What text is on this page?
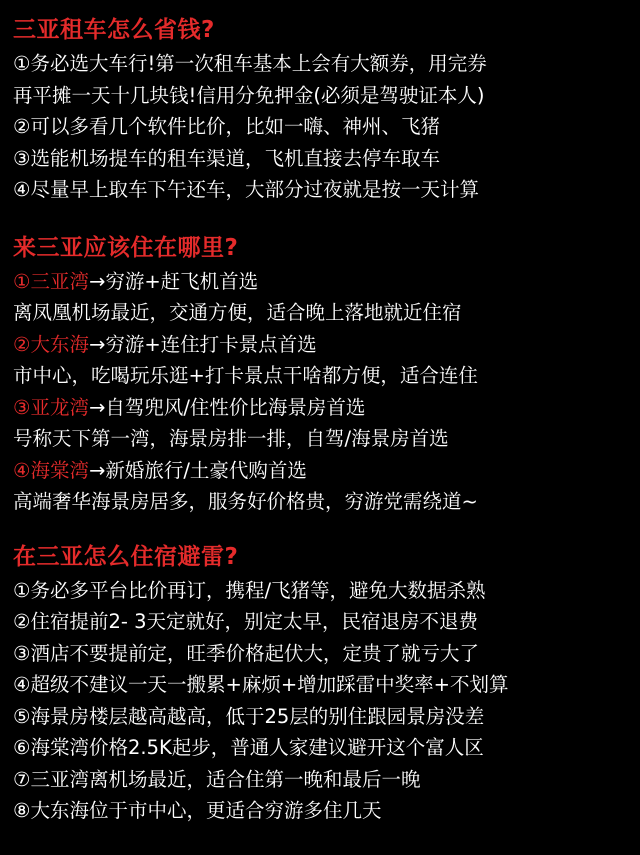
三亚租车怎么省钱?
①务必选大车行!第一次租车基本上会有大额券，用完券
再平摊一天十几块钱!信用分免押金(必须是驾驶证本人)
②可以多看几个软件比价，比如一嗨、神州、飞猪
③选能机场提车的租车渠道，飞机直接去停车取车
④尽量早上取车下午还车，大部分过夜就是按一天计算
来三亚应该住在哪里?
①三亚湾→穷游+赶飞机首选
离凤凰机场最近，交通方便，适合晚上落地就近住宿
②大东海→穷游+连住打卡景点首选
市中心，吃喝玩乐逛+打卡景点干啥都方便，适合连住
③亚龙湾→自驾兜风/住性价比海景房首选
号称天下第一湾，海景房排一排，自驾/海景房首选
④海棠湾→新婚旅行/土豪代购首选
高端奢华海景房居多，服务好价格贵，穷游党需绕道~
在三亚怎么住宿避雷?
①务必多平台比价再订，携程/飞猪等，避免大数据杀熟
②住宿提前2- 3天定就好，别定太早，民宿退房不退费
③酒店不要提前定，旺季价格起伏大，定贵了就亏大了
④超级不建议一天一搬累+麻烦+增加踩雷中奖率+不划算
⑤海景房楼层越高越高，低于25层的别住跟园景房没差
⑥海棠湾价格2.5K起步，普通人家建议避开这个富人区
⑦三亚湾离机场最近，适合住第一晚和最后一晚
⑧大东海位于市中心，更适合穷游多住几天
